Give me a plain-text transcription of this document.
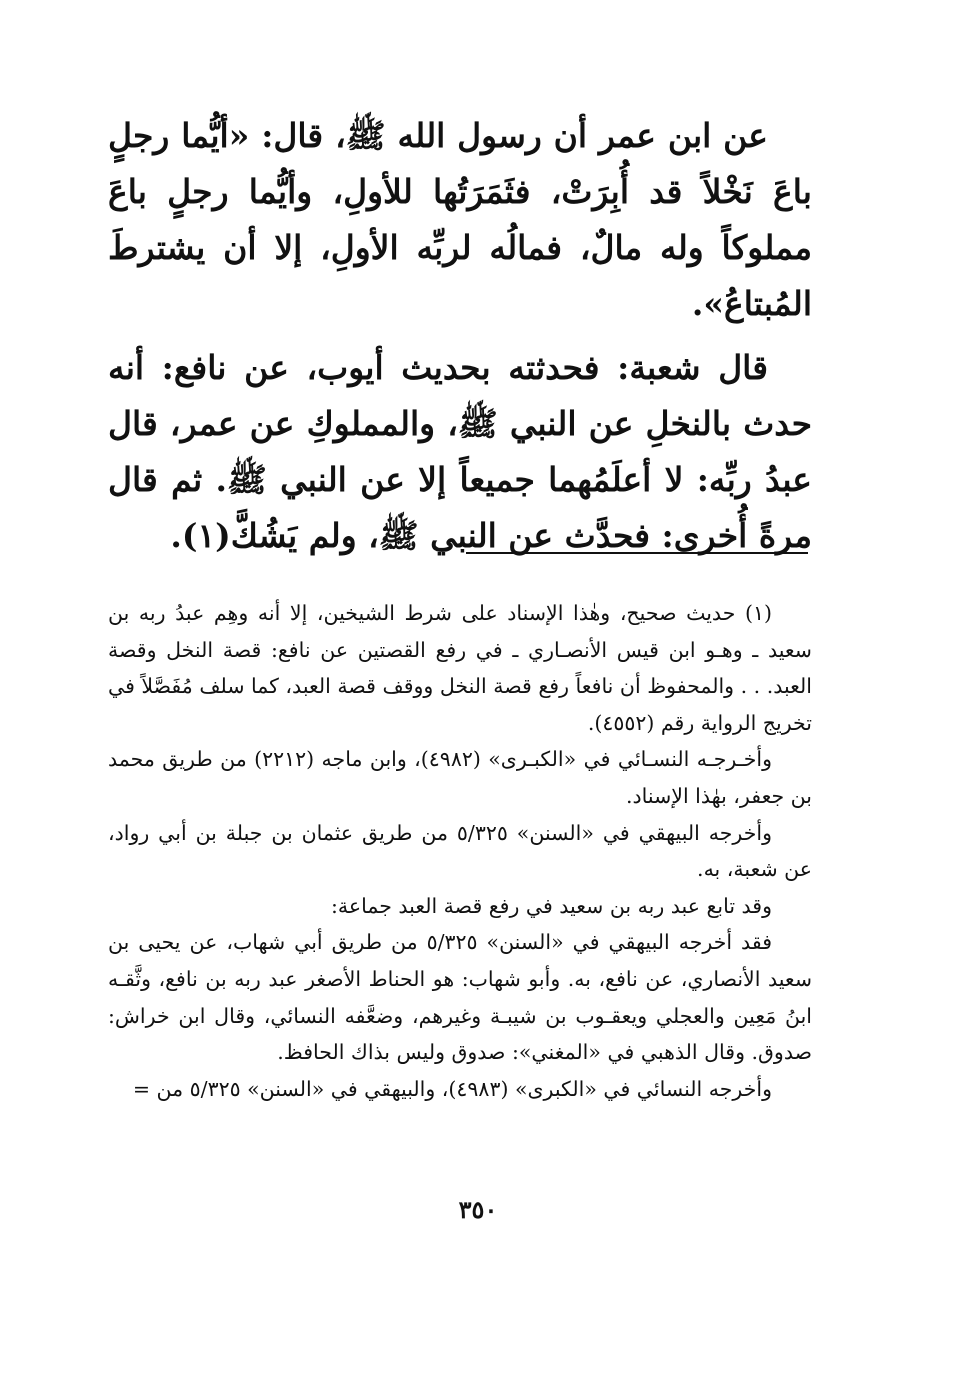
عن ابن عمر أن رسول الله ﷺ، قال: «أيُّما رجلٍ باعَ نَخْلاً قد أُبِرَتْ، فثَمَرَتُها للأولِ، وأيُّما رجلٍ باعَ مملوكاً وله مالٌ، فمالُه لربِّه الأولِ، إلا أن يشترطَ المُبتاعُ».

قال شعبة: فحدثته بحديث أيوب، عن نافع: أنه حدث بالنخلِ عن النبي ﷺ، والمملوكِ عن عمر، قال عبدُ ربِّه: لا أعلَمُهما جميعاً إلا عن النبي ﷺ. ثم قال مرةً أُخرى: فحدَّث عن النبي ﷺ، ولم يَشُكَّ(١).

(١) حديث صحيح، وهٰذا الإسناد على شرط الشيخين، إلا أنه وهِم عبدُ ربه بن سعيد ـ وهـو ابن قيس الأنصـاري ـ في رفع القصتين عن نافع: قصة النخل وقصة العبد. . . والمحفوظ أن نافعاً رفع قصة النخل ووقف قصة العبد، كما سلف مُفَصَّلاً في تخريج الرواية رقم (٤٥٥٢).

وأخـرجـه النسـائي في «الكبـرى» (٤٩٨٢)، وابن ماجه (٢٢١٢) من طريق محمد بن جعفر، بهٰذا الإسناد.

وأخرجه البيهقي في «السنن» ٥/٣٢٥ من طريق عثمان بن جبلة بن أبي رواد، عن شعبة، به.

وقد تابع عبد ربه بن سعيد في رفع قصة العبد جماعة:

فقد أخرجه البيهقي في «السنن» ٥/٣٢٥ من طريق أبي شهاب، عن يحيى بن سعيد الأنصاري، عن نافع، به. وأبو شهاب: هو الحناط الأصغر عبد ربه بن نافع، وثَّقـه ابنُ مَعِين والعجلي ويعقـوب بن شيبـة وغيرهم، وضعَّفه النسائي، وقال ابن خراش: صدوق. وقال الذهبي في «المغني»: صدوق وليس بذاك الحافظ.

وأخرجه النسائي في «الكبرى» (٤٩٨٣)، والبيهقي في «السنن» ٥/٣٢٥ من =

٣٥٠
